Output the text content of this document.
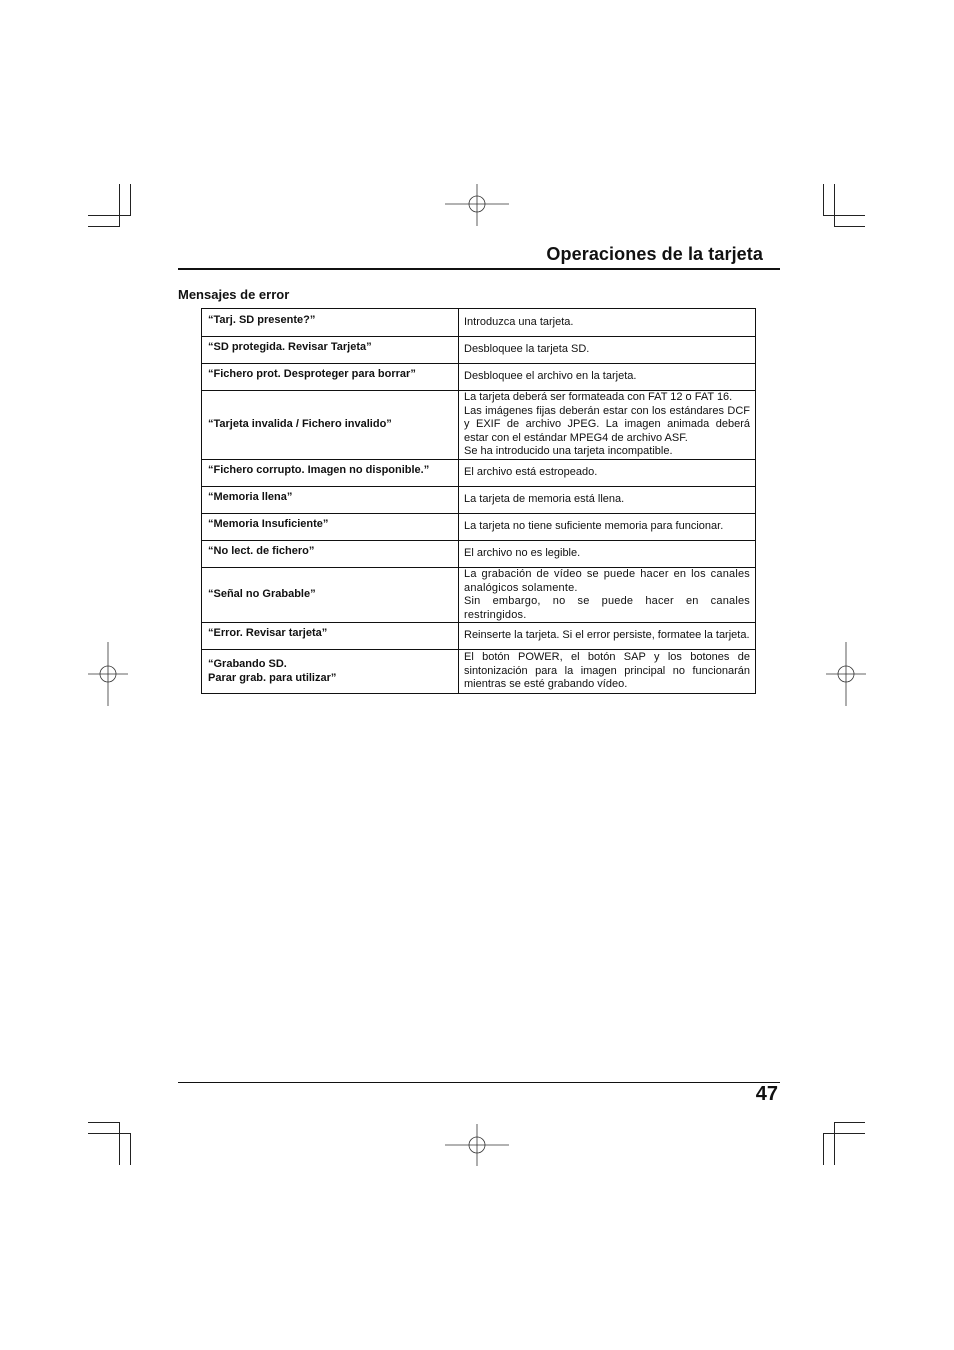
Operaciones de la tarjeta
Mensajes de error
“Tarj. SD presente?”	Introduzca una tarjeta.
“SD protegida. Revisar Tarjeta”	Desbloquee la tarjeta SD.
“Fichero prot. Desproteger para borrar”	Desbloquee el archivo en la tarjeta.
“Tarjeta invalida / Fichero invalido”	La tarjeta deberá ser formateada con FAT 12 o FAT 16.
Las imágenes fijas deberán estar con los estándares DCF y EXIF de archivo JPEG. La imagen animada deberá estar con el estándar MPEG4 de archivo ASF.
Se ha introducido una tarjeta incompatible.
“Fichero corrupto. Imagen no disponible.”	El archivo está estropeado.
“Memoria llena”	La tarjeta de memoria está llena.
“Memoria Insuficiente”	La tarjeta no tiene suficiente memoria para funcionar.
“No lect. de fichero”	El archivo no es legible.
“Señal no Grabable”	La grabación de vídeo se puede hacer en los canales analógicos solamente.
Sin embargo, no se puede hacer en canales restringidos.
“Error. Revisar tarjeta”	Reinserte la tarjeta. Si el error persiste, formatee la tarjeta.
“Grabando SD.
Parar grab. para utilizar”	El botón POWER, el botón SAP y los botones de sintonización para la imagen principal no funcionarán mientras se esté grabando vídeo.
47
